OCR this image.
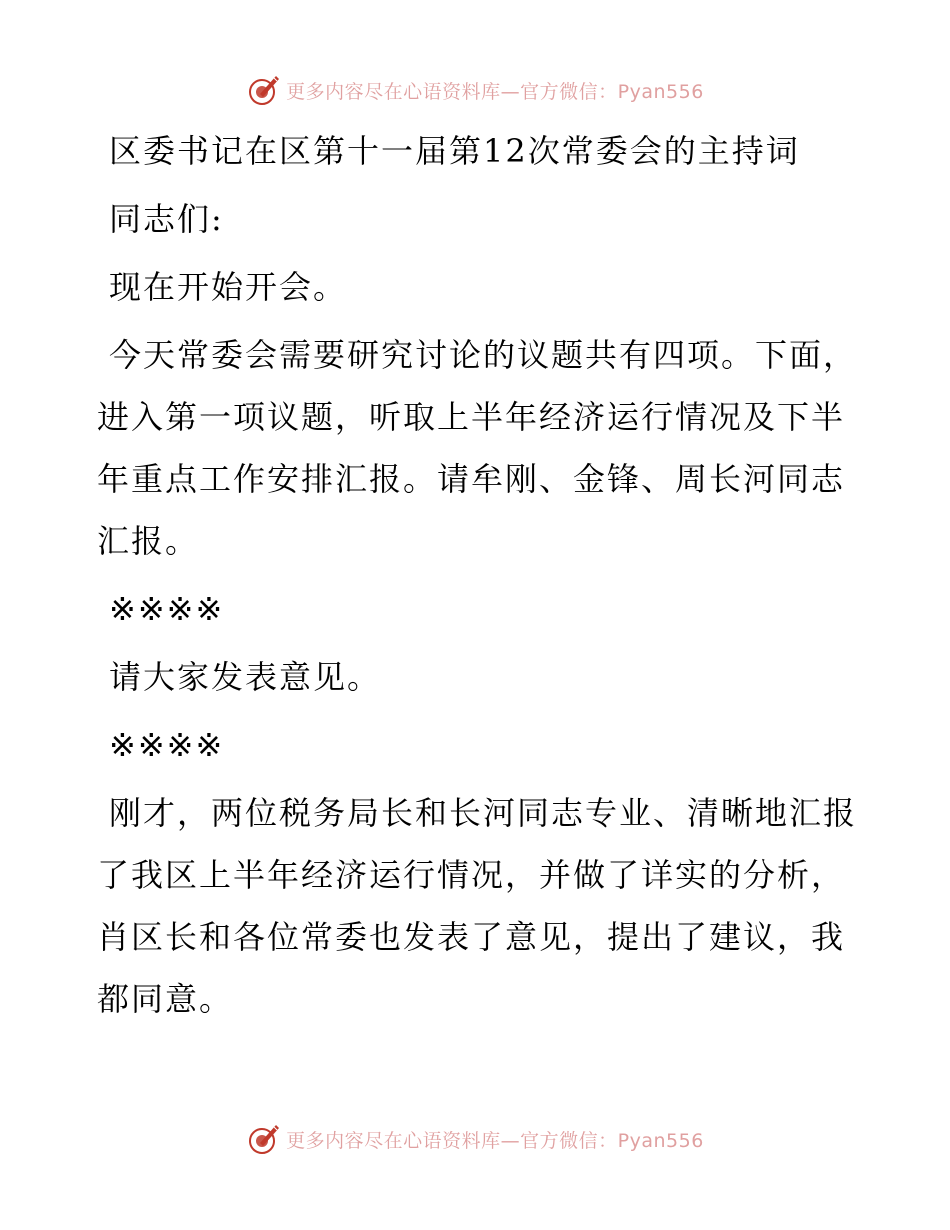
更多内容尽在心语资料库—官方微信：Pyan556
区委书记在区第十一届第12次常委会的主持词

同志们:

现在开始开会。

今天常委会需要研究讨论的议题共有四项。下面，进入第一项议题，听取上半年经济运行情况及下半年重点工作安排汇报。请牟刚、金锋、周长河同志汇报。

※※※※

请大家发表意见。

※※※※

刚才，两位税务局长和长河同志专业、清晰地汇报了我区上半年经济运行情况，并做了详实的分析，肖区长和各位常委也发表了意见，提出了建议，我都同意。

更多内容尽在心语资料库—官方微信：Pyan556
